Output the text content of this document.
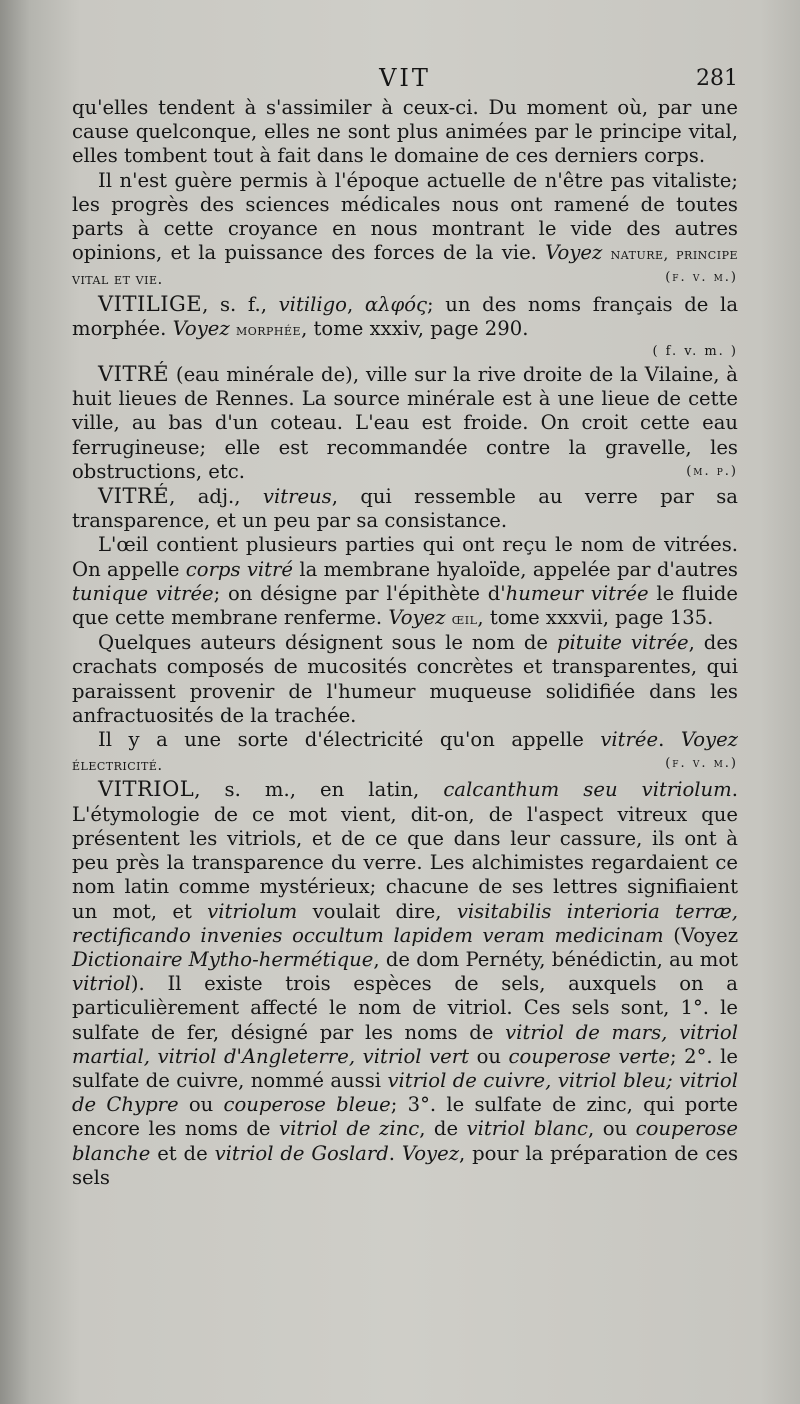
VIT	281

qu'elles tendent à s'assimiler à ceux-ci. Du moment où, par une cause quelconque, elles ne sont plus animées par le principe vital, elles tombent tout à fait dans le domaine de ces derniers corps.

Il n'est guère permis à l'époque actuelle de n'être pas vitaliste; les progrès des sciences médicales nous ont ramené de toutes parts à cette croyance en nous montrant le vide des autres opinions, et la puissance des forces de la vie. Voyez nature, principe vital et vie.	(f. v. m.)

VITILIGE, s. f., vitiligo, αλφός; un des noms français de la morphée. Voyez morphée, tome xxxiv, page 290.

( f. v. m. )

VITRÉ (eau minérale de), ville sur la rive droite de la Vilaine, à huit lieues de Rennes. La source minérale est à une lieue de cette ville, au bas d'un coteau. L'eau est froide. On croit cette eau ferrugineuse; elle est recommandée contre la gravelle, les obstructions, etc.	(m. p.)

VITRÉ, adj., vitreus, qui ressemble au verre par sa transparence, et un peu par sa consistance.

L'œil contient plusieurs parties qui ont reçu le nom de vitrées. On appelle corps vitré la membrane hyaloïde, appelée par d'autres tunique vitrée; on désigne par l'épithète d'humeur vitrée le fluide que cette membrane renferme. Voyez œil, tome xxxvii, page 135.

Quelques auteurs désignent sous le nom de pituite vitrée, des crachats composés de mucosités concrètes et transparentes, qui paraissent provenir de l'humeur muqueuse solidifiée dans les anfractuosités de la trachée.

Il y a une sorte d'électricité qu'on appelle vitrée. Voyez électricité.	(f. v. m.)

VITRIOL, s. m., en latin, calcanthum seu vitriolum. L'étymologie de ce mot vient, dit-on, de l'aspect vitreux que présentent les vitriols, et de ce que dans leur cassure, ils ont à peu près la transparence du verre. Les alchimistes regardaient ce nom latin comme mystérieux; chacune de ses lettres signifiaient un mot, et vitriolum voulait dire, visitabilis interioria terræ, rectificando invenies occultum lapidem veram medicinam (Voyez Dictionaire Mytho-hermétique, de dom Pernéty, bénédictin, au mot vitriol). Il existe trois espèces de sels, auxquels on a particulièrement affecté le nom de vitriol. Ces sels sont, 1°. le sulfate de fer, désigné par les noms de vitriol de mars, vitriol martial, vitriol d'Angleterre, vitriol vert ou couperose verte; 2°. le sulfate de cuivre, nommé aussi vitriol de cuivre, vitriol bleu; vitriol de Chypre ou couperose bleue; 3°. le sulfate de zinc, qui porte encore les noms de vitriol de zinc, de vitriol blanc, ou couperose blanche et de vitriol de Goslard. Voyez, pour la préparation de ces sels
